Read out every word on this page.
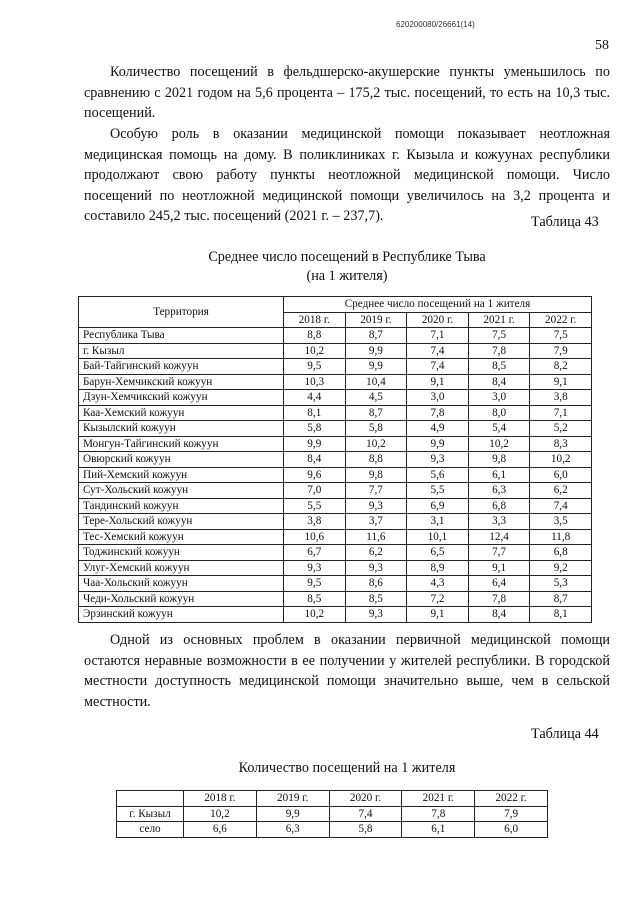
620200080/26661(14)
58

Количество посещений в фельдшерско-акушерские пункты уменьшилось по сравнению с 2021 годом на 5,6 процента – 175,2 тыс. посещений, то есть на 10,3 тыс. посещений.

Особую роль в оказании медицинской помощи показывает неотложная медицинская помощь на дому. В поликлиниках г. Кызыла и кожуунах республики продолжают свою работу пункты неотложной медицинской помощи. Число посещений по неотложной медицинской помощи увеличилось на 3,2 процента и составило 245,2 тыс. посещений (2021 г. – 237,7).	Таблица 43
Среднее число посещений в Республике Тыва
(на 1 жителя)
Территория	Среднее число посещений на 1 жителя				
	2018 г.	2019 г.	2020 г.	2021 г.	2022 г.
Республика Тыва	8,8	8,7	7,1	7,5	7,5
г. Кызыл	10,2	9,9	7,4	7,8	7,9
Бай-Тайгинский кожуун	9,5	9,9	7,4	8,5	8,2
Барун-Хемчикский кожуун	10,3	10,4	9,1	8,4	9,1
Дзун-Хемчикский кожуун	4,4	4,5	3,0	3,0	3,8
Каа-Хемский кожуун	8,1	8,7	7,8	8,0	7,1
Кызылский кожуун	5,8	5,8	4,9	5,4	5,2
Монгун-Тайгинский кожуун	9,9	10,2	9,9	10,2	8,3
Овюрский кожуун	8,4	8,8	9,3	9,8	10,2
Пий-Хемский кожуун	9,6	9,8	5,6	6,1	6,0
Сут-Хольский кожуун	7,0	7,7	5,5	6,3	6,2
Тандинский кожуун	5,5	9,3	6,9	6,8	7,4
Тере-Хольский кожуун	3,8	3,7	3,1	3,3	3,5
Тес-Хемский кожуун	10,6	11,6	10,1	12,4	11,8
Тоджинский кожуун	6,7	6,2	6,5	7,7	6,8
Улуг-Хемский кожуун	9,3	9,3	8,9	9,1	9,2
Чаа-Хольский кожуун	9,5	8,6	4,3	6,4	5,3
Чеди-Хольский кожуун	8,5	8,5	7,2	7,8	8,7
Эрзинский кожуун	10,2	9,3	9,1	8,4	8,1

Одной из основных проблем в оказании первичной медицинской помощи остаются неравные возможности в ее получении у жителей республики. В городской местности доступность медицинской помощи значительно выше, чем в сельской местности.

Таблица 44
Количество посещений на 1 жителя
	2018 г.	2019 г.	2020 г.	2021 г.	2022 г.
г. Кызыл	10,2	9,9	7,4	7,8	7,9
село	6,6	6,3	5,8	6,1	6,0
